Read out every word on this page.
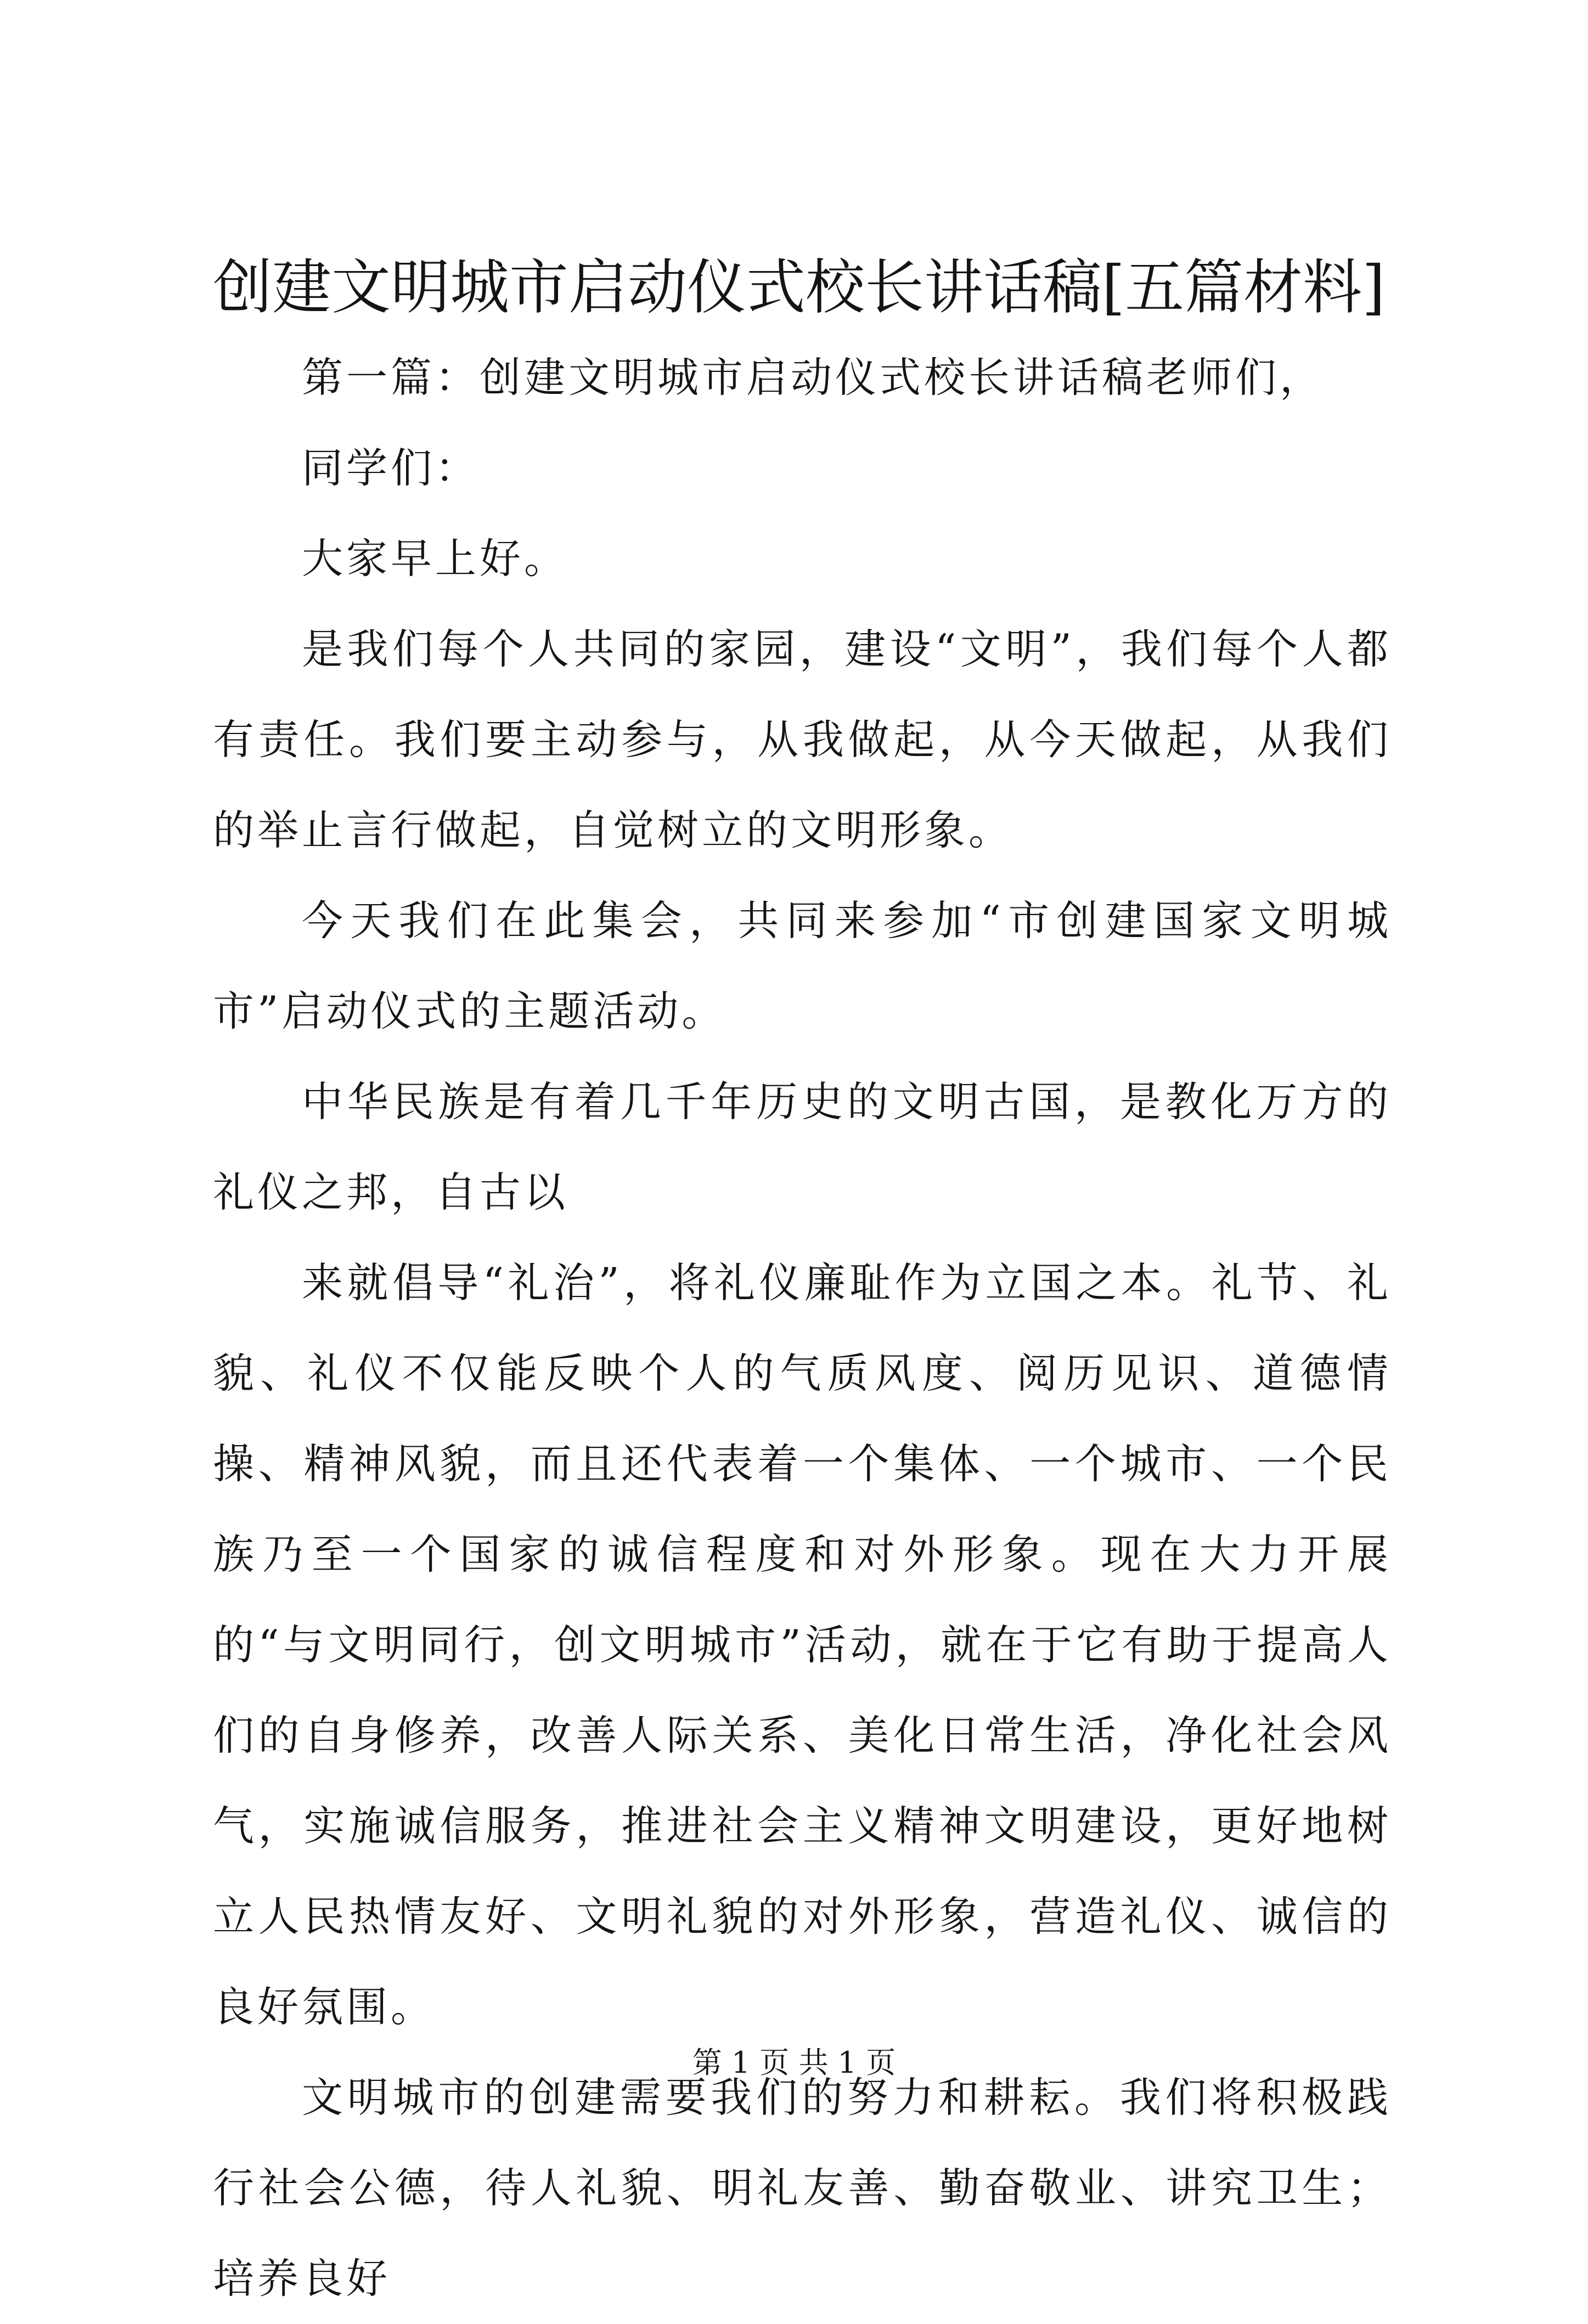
创建文明城市启动仪式校长讲话稿[五篇材料]

第一篇：创建文明城市启动仪式校长讲话稿老师们，

同学们：

大家早上好。

是我们每个人共同的家园，建设“文明”，我们每个人都有责任。我们要主动参与，从我做起，从今天做起，从我们的举止言行做起，自觉树立的文明形象。

今天我们在此集会，共同来参加“市创建国家文明城市”启动仪式的主题活动。

中华民族是有着几千年历史的文明古国，是教化万方的礼仪之邦，自古以

来就倡导“礼治”，将礼仪廉耻作为立国之本。礼节、礼貌、礼仪不仅能反映个人的气质风度、阅历见识、道德情操、精神风貌，而且还代表着一个集体、一个城市、一个民族乃至一个国家的诚信程度和对外形象。现在大力开展的“与文明同行，创文明城市”活动，就在于它有助于提高人们的自身修养，改善人际关系、美化日常生活，净化社会风气，实施诚信服务，推进社会主义精神文明建设，更好地树立人民热情友好、文明礼貌的对外形象，营造礼仪、诚信的良好氛围。

文明城市的创建需要我们的努力和耕耘。我们将积极践行社会公德，待人礼貌、明礼友善、勤奋敬业、讲究卫生；培养良好

第 1 页 共 1 页
